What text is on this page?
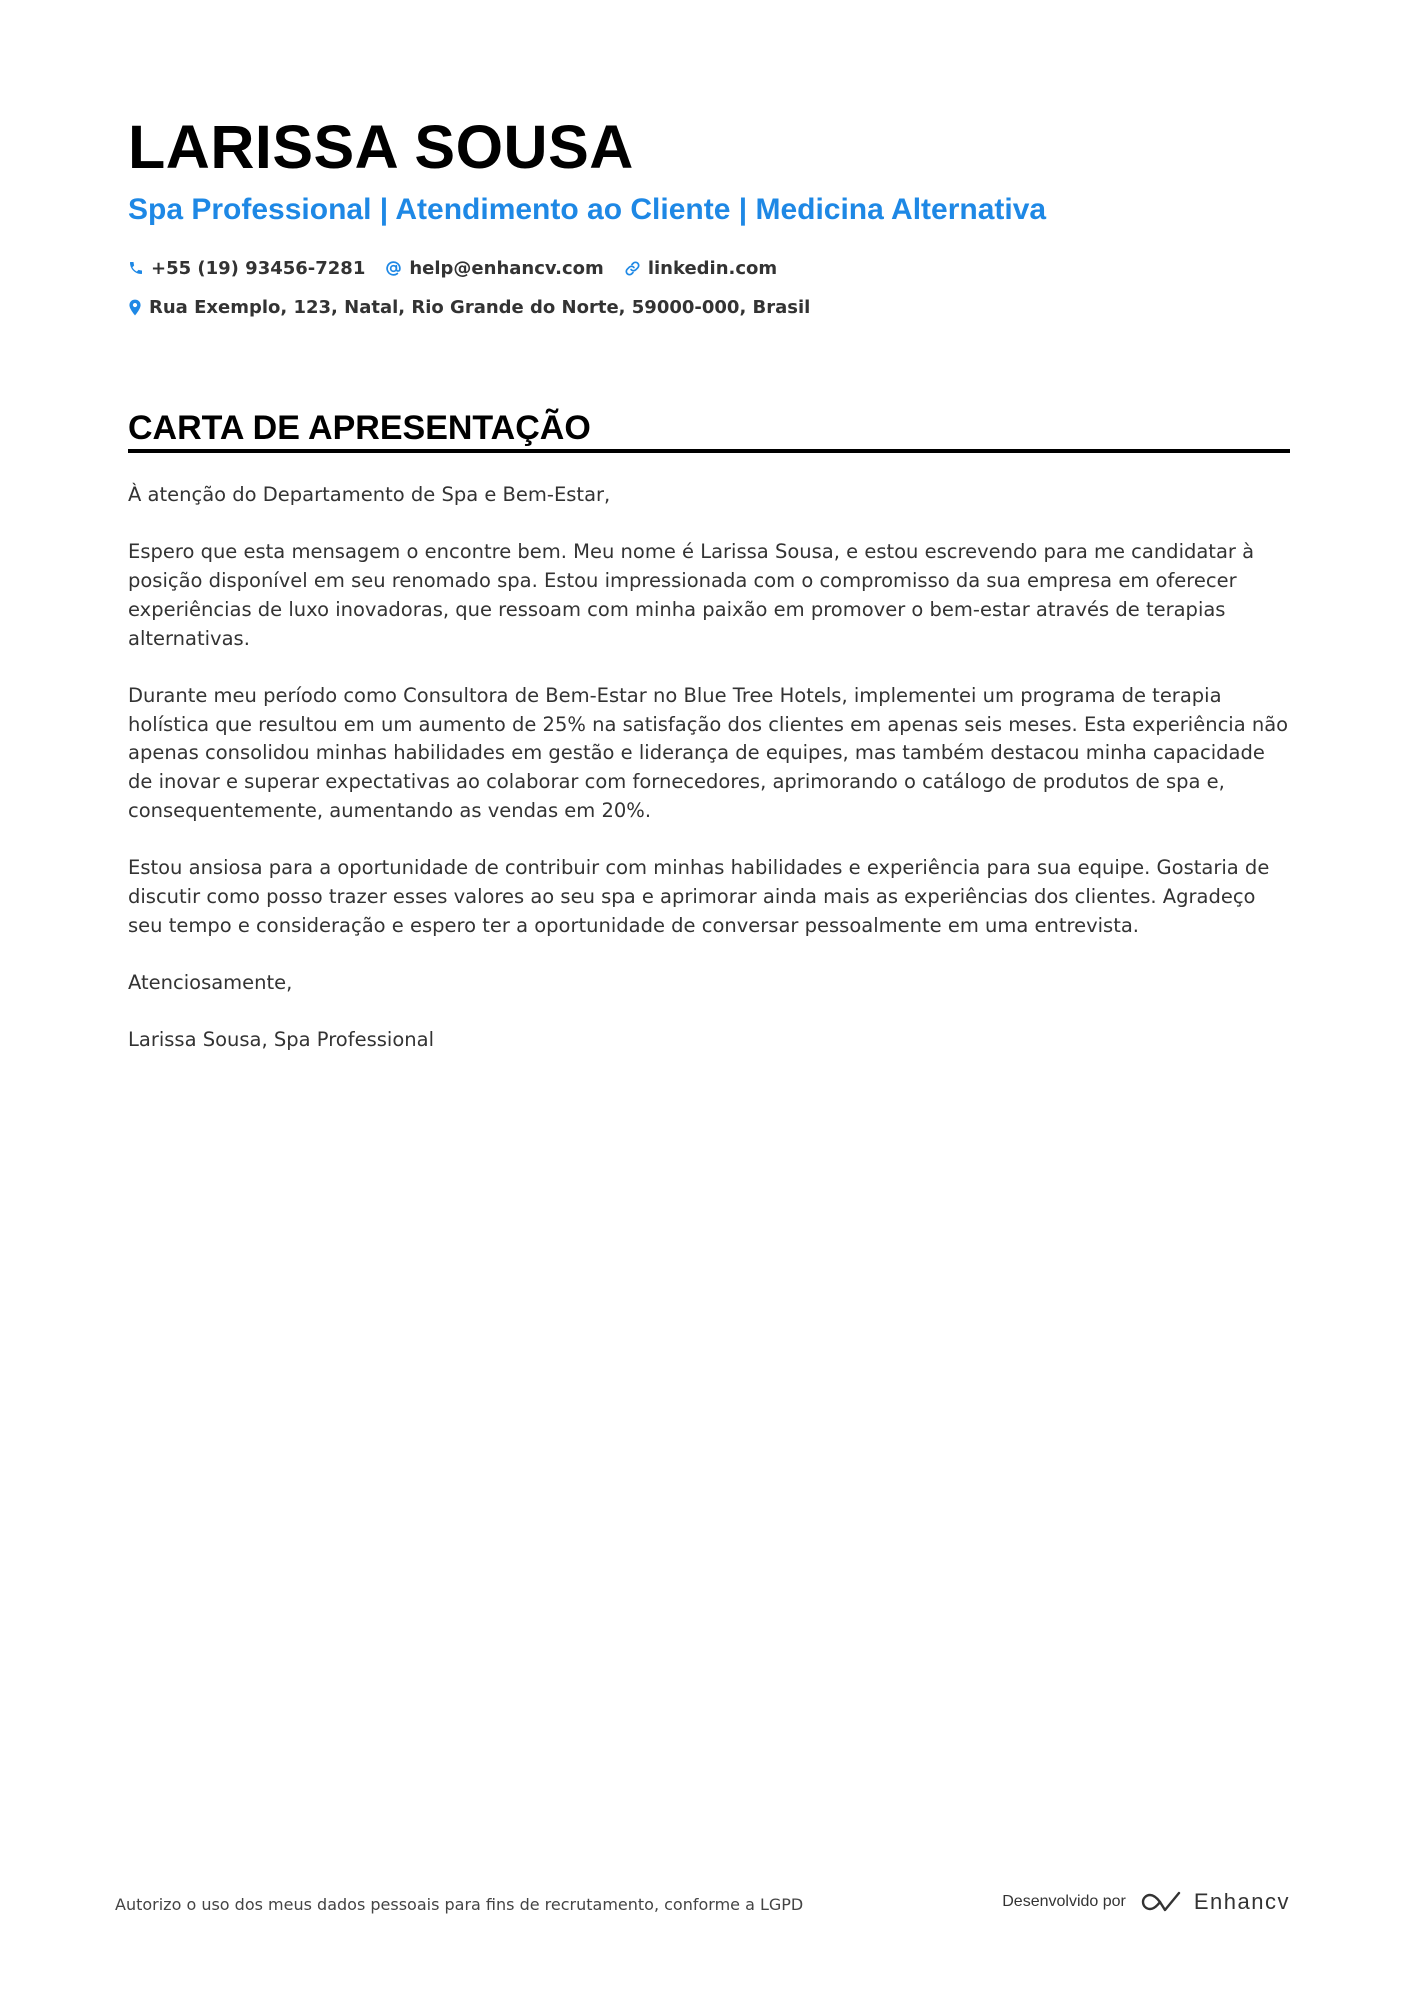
LARISSA SOUSA
Spa Professional | Atendimento ao Cliente | Medicina Alternativa
+55 (19) 93456-7281 help@enhancv.com linkedin.com
Rua Exemplo, 123, Natal, Rio Grande do Norte, 59000-000, Brasil
CARTA DE APRESENTAÇÃO

À atenção do Departamento de Spa e Bem-Estar,

Espero que esta mensagem o encontre bem. Meu nome é Larissa Sousa, e estou escrevendo para me candidatar à posição disponível em seu renomado spa. Estou impressionada com o compromisso da sua empresa em oferecer experiências de luxo inovadoras, que ressoam com minha paixão em promover o bem-estar através de terapias alternativas.

Durante meu período como Consultora de Bem-Estar no Blue Tree Hotels, implementei um programa de terapia holística que resultou em um aumento de 25% na satisfação dos clientes em apenas seis meses. Esta experiência não apenas consolidou minhas habilidades em gestão e liderança de equipes, mas também destacou minha capacidade de inovar e superar expectativas ao colaborar com fornecedores, aprimorando o catálogo de produtos de spa e, consequentemente, aumentando as vendas em 20%.

Estou ansiosa para a oportunidade de contribuir com minhas habilidades e experiência para sua equipe. Gostaria de discutir como posso trazer esses valores ao seu spa e aprimorar ainda mais as experiências dos clientes. Agradeço seu tempo e consideração e espero ter a oportunidade de conversar pessoalmente em uma entrevista.

Atenciosamente,

Larissa Sousa, Spa Professional

Autorizo o uso dos meus dados pessoais para fins de recrutamento, conforme a LGPD	Desenvolvido por	Enhancv
